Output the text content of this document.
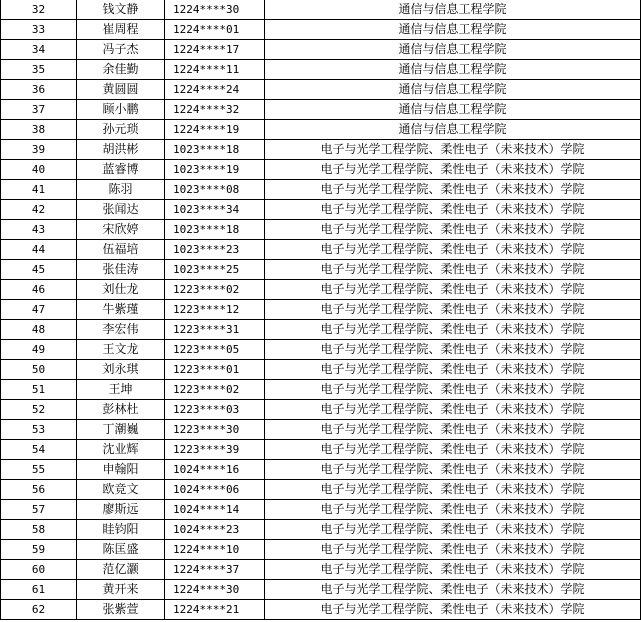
32	钱文静	1224****30	通信与信息工程学院
33	崔周程	1224****01	通信与信息工程学院
34	冯子杰	1224****17	通信与信息工程学院
35	余佳勤	1224****11	通信与信息工程学院
36	黄圆圆	1224****24	通信与信息工程学院
37	顾小鹏	1224****32	通信与信息工程学院
38	孙元琐	1224****19	通信与信息工程学院
39	胡洪彬	1023****18	电子与光学工程学院、柔性电子（未来技术）学院
40	蓝睿博	1023****19	电子与光学工程学院、柔性电子（未来技术）学院
41	陈羽	1023****08	电子与光学工程学院、柔性电子（未来技术）学院
42	张闻达	1023****34	电子与光学工程学院、柔性电子（未来技术）学院
43	宋欣婷	1023****18	电子与光学工程学院、柔性电子（未来技术）学院
44	伍福培	1023****23	电子与光学工程学院、柔性电子（未来技术）学院
45	张佳涛	1023****25	电子与光学工程学院、柔性电子（未来技术）学院
46	刘仕龙	1223****02	电子与光学工程学院、柔性电子（未来技术）学院
47	牛紫瑾	1223****12	电子与光学工程学院、柔性电子（未来技术）学院
48	李宏伟	1223****31	电子与光学工程学院、柔性电子（未来技术）学院
49	王文龙	1223****05	电子与光学工程学院、柔性电子（未来技术）学院
50	刘永琪	1223****01	电子与光学工程学院、柔性电子（未来技术）学院
51	王坤	1223****02	电子与光学工程学院、柔性电子（未来技术）学院
52	彭林杜	1223****03	电子与光学工程学院、柔性电子（未来技术）学院
53	丁潮巍	1223****30	电子与光学工程学院、柔性电子（未来技术）学院
54	沈业辉	1223****39	电子与光学工程学院、柔性电子（未来技术）学院
55	申翰阳	1024****16	电子与光学工程学院、柔性电子（未来技术）学院
56	欧竞文	1024****06	电子与光学工程学院、柔性电子（未来技术）学院
57	廖斯远	1024****14	电子与光学工程学院、柔性电子（未来技术）学院
58	眭钧阳	1024****23	电子与光学工程学院、柔性电子（未来技术）学院
59	陈匡盛	1224****10	电子与光学工程学院、柔性电子（未来技术）学院
60	范亿灏	1224****37	电子与光学工程学院、柔性电子（未来技术）学院
61	黄开来	1224****30	电子与光学工程学院、柔性电子（未来技术）学院
62	张紫萱	1224****21	电子与光学工程学院、柔性电子（未来技术）学院
